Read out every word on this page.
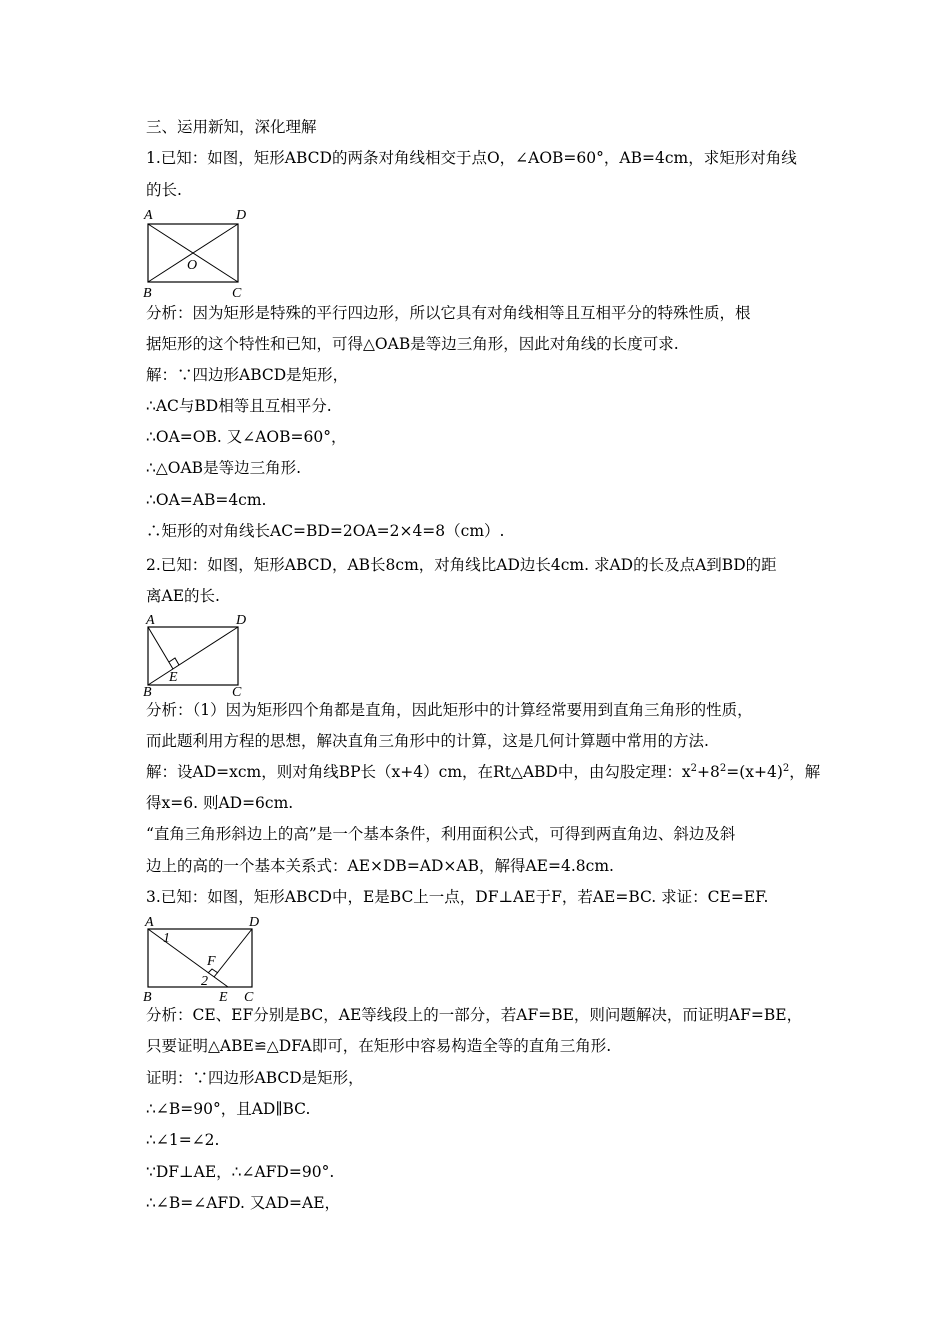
三、运用新知，深化理解
1.已知：如图，矩形ABCD的两条对角线相交于点O，∠AOB=60°，AB=4cm，求矩形对角线
的长.
A	D
O
B	C
分析：因为矩形是特殊的平行四边形，所以它具有对角线相等且互相平分的特殊性质，根
据矩形的这个特性和已知，可得△OAB是等边三角形，因此对角线的长度可求.
解：∵四边形ABCD是矩形，
∴AC与BD相等且互相平分.
∴OA=OB. 又∠AOB=60°，
∴△OAB是等边三角形.
∴OA=AB=4cm.
∴矩形的对角线长AC=BD=2OA=2×4=8（cm）.
2.已知：如图，矩形ABCD，AB长8cm，对角线比AD边长4cm. 求AD的长及点A到BD的距
离AE的长.
A	D
E
B	C
分析：（1）因为矩形四个角都是直角，因此矩形中的计算经常要用到直角三角形的性质，
而此题利用方程的思想，解决直角三角形中的计算，这是几何计算题中常用的方法.
解：设AD=xcm，则对角线BP长（x+4）cm，在Rt△ABD中，由勾股定理：$x^2+8^2=(x+4)^2$，解
得x=6. 则AD=6cm.
“直角三角形斜边上的高”是一个基本条件，利用面积公式，可得到两直角边、斜边及斜
边上的高的一个基本关系式：AE×DB=AD×AB，解得AE=4.8cm.
3.已知：如图，矩形ABCD中，E是BC上一点，DF⊥AE于F，若AE=BC. 求证：CE=EF.
A	D
1
F
2
B	E C
分析：CE、EF分别是BC，AE等线段上的一部分，若AF=BE，则问题解决，而证明AF=BE，
只要证明△ABE≌△DFA即可，在矩形中容易构造全等的直角三角形.
证明：∵四边形ABCD是矩形，
∴∠B=90°，且AD∥BC.
∴∠1=∠2.
∵DF⊥AE，∴∠AFD=90°.
∴∠B=∠AFD. 又AD=AE，
